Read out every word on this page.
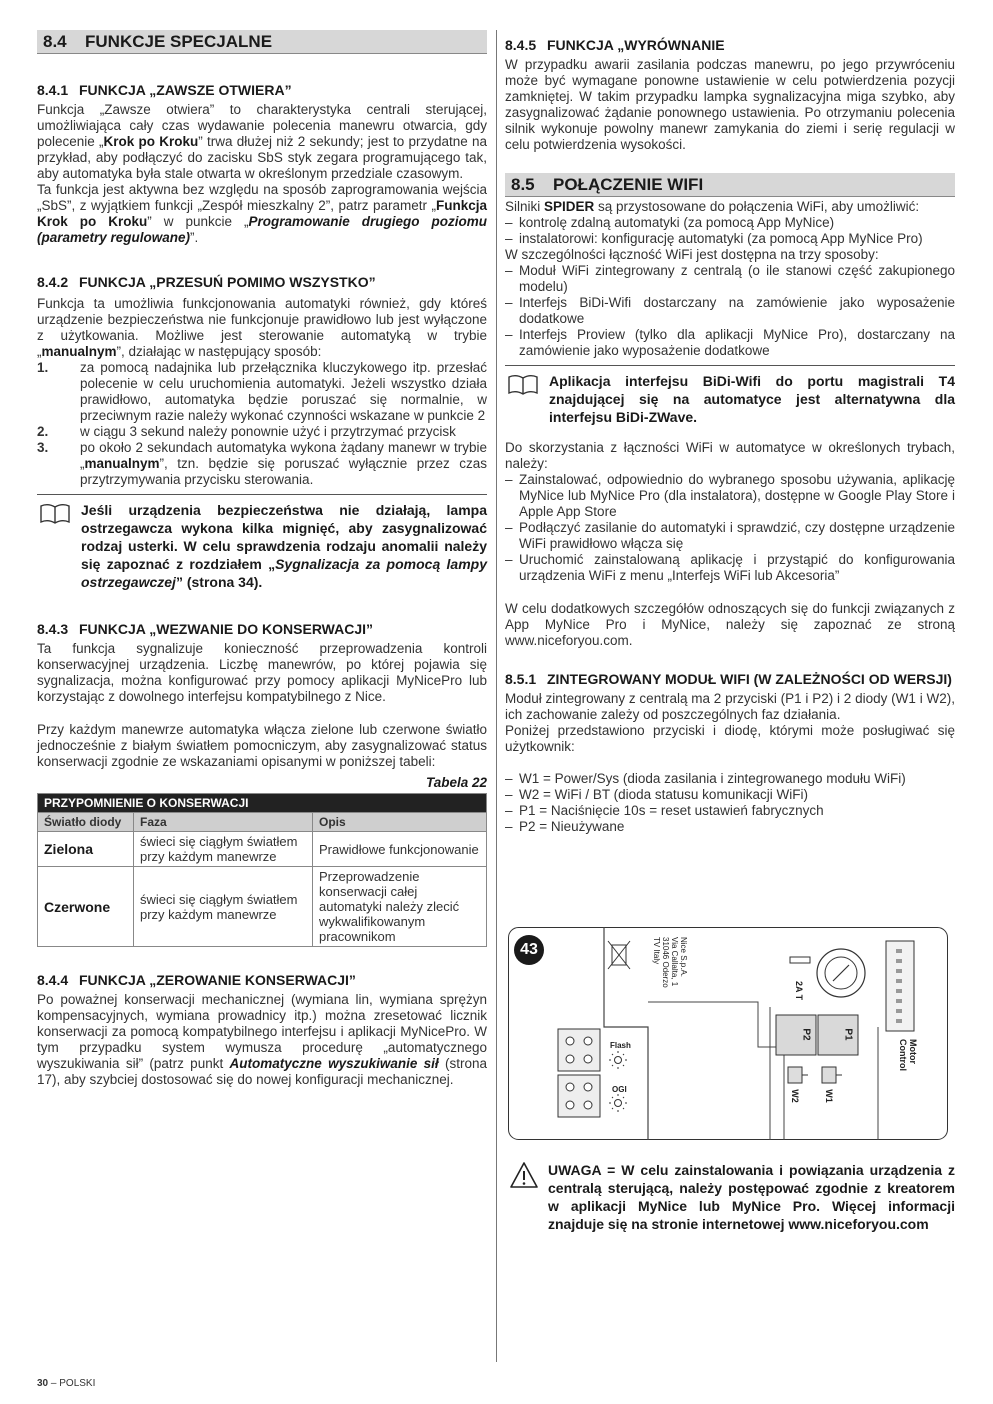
8.4 FUNKCJE SPECJALNE
8.4.1 FUNKCJA „ZAWSZE OTWIERA”

Funkcja „Zawsze otwiera” to charakterystyka centrali sterującej, umożliwiająca cały czas wydawanie polecenia manewru otwarcia, gdy polecenie „Krok po Kroku” trwa dłużej niż 2 sekundy; jest to przydatne na przykład, aby podłączyć do zacisku SbS styk zegara programującego tak, aby automatyka była stale otwarta w określonym przedziale czasowym.

Ta funkcja jest aktywna bez względu na sposób zaprogramowania wejścia „SbS”, z wyjątkiem funkcji „Zespół mieszkalny 2”, patrz parametr „Funkcja Krok po Kroku” w punkcie „Programowanie drugiego poziomu (parametry regulowane)”.

8.4.2 FUNKCJA „PRZESUŃ POMIMO WSZYSTKO”

Funkcja ta umożliwia funkcjonowania automatyki również, gdy któreś urządzenie bezpieczeństwa nie funkcjonuje prawidłowo lub jest wyłączone z użytkowania. Możliwe jest sterowanie automatyką w trybie „manualnym”, działając w następujący sposób:

1. za pomocą nadajnika lub przełącznika kluczykowego itp. przesłać polecenie w celu uruchomienia automatyki. Jeżeli wszystko działa prawidłowo, automatyka będzie poruszać się normalnie, w przeciwnym razie należy wykonać czynności wskazane w punkcie 2
2. w ciągu 3 sekund należy ponownie użyć i przytrzymać przycisk
3. po około 2 sekundach automatyka wykona żądany manewr w trybie „manualnym”, tzn. będzie się poruszać wyłącznie przez czas przytrzymywania przycisku sterowania.
Jeśli urządzenia bezpieczeństwa nie działają, lampa ostrzegawcza wykona kilka mignięć, aby zasygnalizować rodzaj usterki. W celu sprawdzenia rodzaju anomalii należy się zapoznać z rozdziałem „Sygnalizacja za pomocą lampy ostrzegawczej” (strona 34).
8.4.3 FUNKCJA „WEZWANIE DO KONSERWACJI”

Ta funkcja sygnalizuje konieczność przeprowadzenia kontroli konserwacyjnej urządzenia. Liczbę manewrów, po której pojawia się sygnalizacja, można konfigurować przy pomocy aplikacji MyNicePro lub korzystając z dowolnego interfejsu kompatybilnego z Nice.

Przy każdym manewrze automatyka włącza zielone lub czerwone światło jednocześnie z białym światłem pomocniczym, aby zasygnalizować status konserwacji zgodnie ze wskazaniami opisanymi w poniższej tabeli:

Tabela 22
PRZYPOMNIENIE O KONSERWACJI		
Światło diody	Faza	Opis
Zielona	świeci się ciągłym światłem przy każdym manewrze	Prawidłowe funkcjonowanie
Czerwone	świeci się ciągłym światłem przy każdym manewrze	Przeprowadzenie konserwacji całej automatyki należy zlecić wykwalifikowanym pracownikom
8.4.4 FUNKCJA „ZEROWANIE KONSERWACJI”

Po poważnej konserwacji mechanicznej (wymiana lin, wymiana sprężyn kompensacyjnych, wymiana prowadnicy itp.) można zresetować licznik konserwacji za pomocą kompatybilnego interfejsu i aplikacji MyNicePro. W tym przypadku system wymusza procedurę „automatycznego wyszukiwania sił” (patrz punkt Automatyczne wyszukiwanie sił (strona 17), aby szybciej dostosować się do nowej konfiguracji mechanicznej.

8.4.5 FUNKCJA „WYRÓWNANIE

W przypadku awarii zasilania podczas manewru, po jego przywróceniu może być wymagane ponowne ustawienie w celu potwierdzenia pozycji zamkniętej. W takim przypadku lampka sygnalizacyjna miga szybko, aby zasygnalizować żądanie ponownego ustawienia. Po otrzymaniu polecenia silnik wykonuje powolny manewr zamykania do ziemi i serię regulacji w celu potwierdzenia wysokości.

8.5 POŁĄCZENIE WIFI

Silniki SPIDER są przystosowane do połączenia WiFi, aby umożliwić:

– kontrolę zdalną automatyki (za pomocą App MyNice)
– instalatorowi: konfigurację automatyki (za pomocą App MyNice Pro)

W szczególności łączność WiFi jest dostępna na trzy sposoby:

– Moduł WiFi zintegrowany z centralą (o ile stanowi część zakupionego modelu)
– Interfejs BiDi-Wifi dostarczany na zamówienie jako wyposażenie dodatkowe
– Interfejs Proview (tylko dla aplikacji MyNice Pro), dostarczany na zamówienie jako wyposażenie dodatkowe
Aplikacja interfejsu BiDi-Wifi do portu magistrali T4 znajdującej się na automatyce jest alternatywna dla interfejsu BiDi-ZWave.

Do skorzystania z łączności WiFi w automatyce w określonych trybach, należy:

– Zainstalować, odpowiednio do wybranego sposobu używania, aplikację MyNice lub MyNice Pro (dla instalatora), dostępne w Google Play Store i Apple App Store
– Podłączyć zasilanie do automatyki i sprawdzić, czy dostępne urządzenie WiFi prawidłowo włącza się
– Uruchomić zainstalowaną aplikację i przystąpić do konfigurowania urządzenia WiFi z menu „Interfejs WiFi lub Akcesoria”

W celu dodatkowych szczegółów odnoszących się do funkcji związanych z App MyNice Pro i MyNice, należy się zapoznać ze stroną www.niceforyou.com.

8.5.1 ZINTEGROWANY MODUŁ WIFI (W ZALEŻNOŚCI OD WERSJI)

Moduł zintegrowany z centralą ma 2 przyciski (P1 i P2) i 2 diody (W1 i W2), ich zachowanie zależy od poszczególnych faz działania.

Poniżej przedstawiono przyciski i diodę, którymi może posługiwać się użytkownik:

– W1 = Power/Sys (dioda zasilania i zintegrowanego modułu WiFi)
– W2 = WiFi / BT (dioda statusu komunikacji WiFi)
– P1 = Naciśnięcie 10s = reset ustawień fabrycznych
– P2 = Nieużywane
43	Nice S.p.A.
Via Callalta, 1
31046 Oderzo
TV Italy
Flash
OGI
2A T
P2	P1
W2	W1
Motor
Control
UWAGA = W celu zainstalowania i powiązania urządzenia z centralą sterującą, należy postępować zgodnie z kreatorem w aplikacji MyNice lub MyNice Pro. Więcej informacji znajduje się na stronie internetowej www.niceforyou.com
30 – POLSKI
